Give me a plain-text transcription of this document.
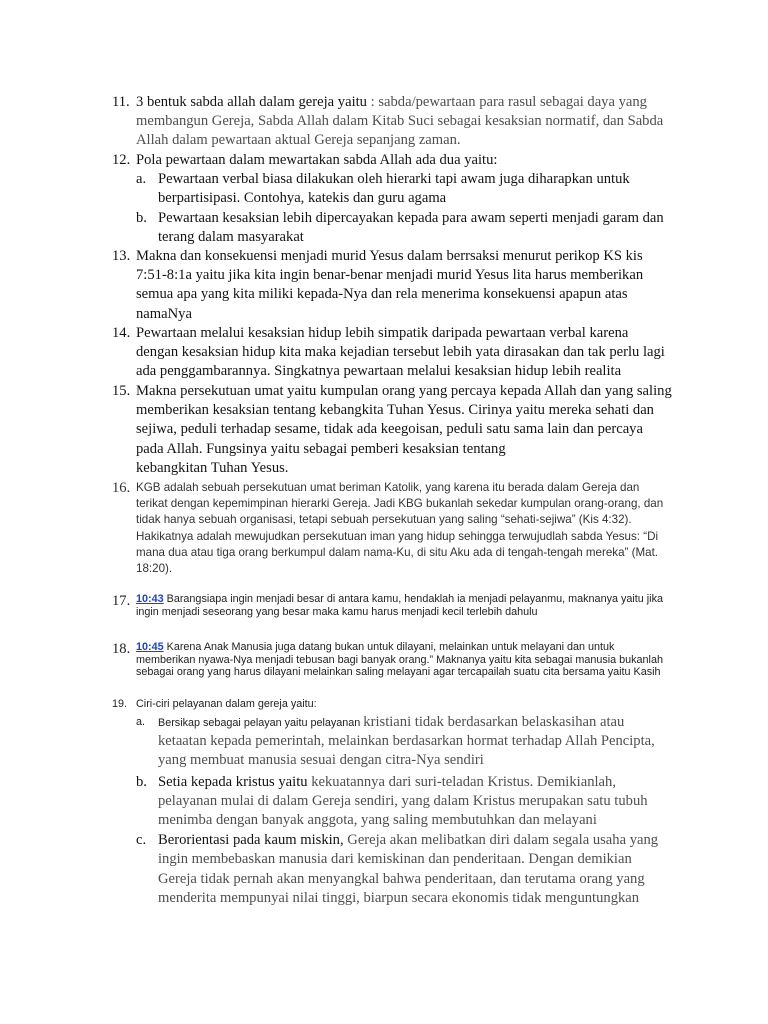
11. 3 bentuk sabda allah dalam gereja yaitu : sabda/pewartaan para rasul sebagai daya yang membangun Gereja, Sabda Allah dalam Kitab Suci sebagai kesaksian normatif, dan Sabda Allah dalam pewartaan aktual Gereja sepanjang zaman.
12. Pola pewartaan dalam mewartakan sabda Allah ada dua yaitu:
a. Pewartaan verbal biasa dilakukan oleh hierarki tapi awam juga diharapkan untuk berpartisipasi. Contohya, katekis dan guru agama
b. Pewartaan kesaksian lebih dipercayakan kepada para awam seperti menjadi garam dan terang dalam masyarakat
13. Makna dan konsekuensi menjadi murid Yesus dalam berrsaksi menurut perikop KS kis 7:51-8:1a yaitu jika kita ingin benar-benar menjadi murid Yesus lita harus memberikan semua apa yang kita miliki kepada-Nya dan rela menerima konsekuensi apapun atas namaNya
14. Pewartaan melalui kesaksian hidup lebih simpatik daripada pewartaan verbal karena dengan kesaksian hidup kita maka kejadian tersebut lebih yata dirasakan dan tak perlu lagi ada penggambarannya. Singkatnya pewartaan melalui kesaksian hidup lebih realita
15. Makna persekutuan umat yaitu kumpulan orang yang percaya kepada Allah dan yang saling memberikan kesaksian tentang kebangkita Tuhan Yesus. Cirinya yaitu mereka sehati dan sejiwa, peduli terhadap sesame, tidak ada keegoisan, peduli satu sama lain dan percaya pada Allah. Fungsinya yaitu sebagai pemberi kesaksian tentang
kebangkitan Tuhan Yesus.
16. KGB adalah sebuah persekutuan umat beriman Katolik, yang karena itu berada dalam Gereja dan terikat dengan kepemimpinan hierarki Gereja. Jadi KBG bukanlah sekedar kumpulan orang-orang, dan tidak hanya sebuah organisasi, tetapi sebuah persekutuan yang saling “sehati-sejiwa” (Kis 4:32). Hakikatnya adalah mewujudkan persekutuan iman yang hidup sehingga terwujudlah sabda Yesus: “Di mana dua atau tiga orang berkumpul dalam nama-Ku, di situ Aku ada di tengah-tengah mereka” (Mat. 18:20).
17. 10:43 Barangsiapa ingin menjadi besar di antara kamu, hendaklah ia menjadi pelayanmu, maknanya yaitu jika ingin menjadi seseorang yang besar maka kamu harus menjadi kecil terlebih dahulu
18. 10:45 Karena Anak Manusia juga datang bukan untuk dilayani, melainkan untuk melayani dan untuk memberikan nyawa-Nya menjadi tebusan bagi banyak orang.” Maknanya yaitu kita sebagai manusia bukanlah sebagai orang yang harus dilayani melainkan saling melayani agar tercapailah suatu cita bersama yaitu Kasih
19. Ciri-ciri pelayanan dalam gereja yaitu:
a. Bersikap sebagai pelayan yaitu pelayanan kristiani tidak berdasarkan belaskasihan atau ketaatan kepada pemerintah, melainkan berdasarkan hormat terhadap Allah Pencipta, yang membuat manusia sesuai dengan citra-Nya sendiri
b. Setia kepada kristus yaitu kekuatannya dari suri-teladan Kristus. Demikianlah, pelayanan mulai di dalam Gereja sendiri, yang dalam Kristus merupakan satu tubuh menimba dengan banyak anggota, yang saling membutuhkan dan melayani
c. Berorientasi pada kaum miskin, Gereja akan melibatkan diri dalam segala usaha yang ingin membebaskan manusia dari kemiskinan dan penderitaan. Dengan demikian Gereja tidak pernah akan menyangkal bahwa penderitaan, dan terutama orang yang menderita mempunyai nilai tinggi, biarpun secara ekonomis tidak menguntungkan
